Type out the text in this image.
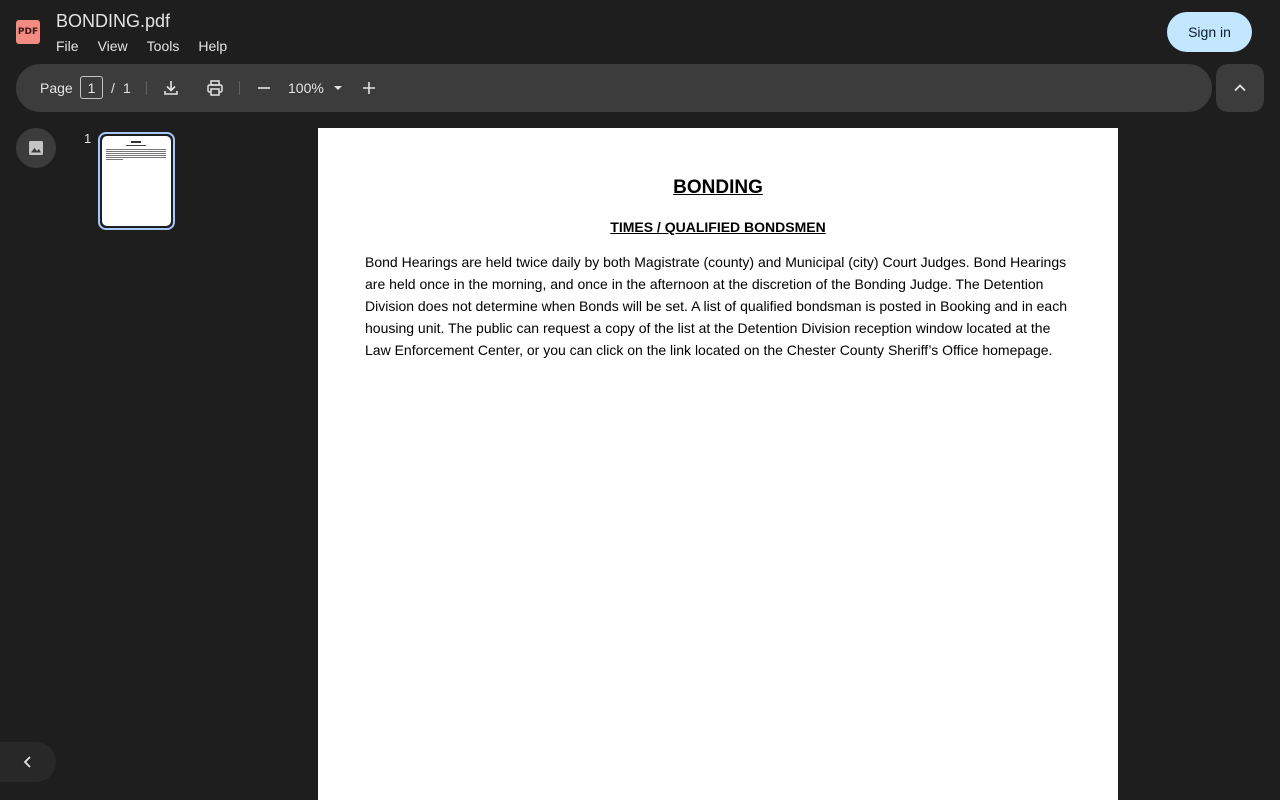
PDF
BONDING.pdf
File View Tools Help
Sign in
Page	1	/ 1	100%
1
BONDING
TIMES / QUALIFIED BONDSMEN

Bond Hearings are held twice daily by both Magistrate (county) and Municipal (city) Court Judges. Bond Hearings are held once in the morning, and once in the afternoon at the discretion of the Bonding Judge. The Detention Division does not determine when Bonds will be set. A list of qualified bondsman is posted in Booking and in each housing unit. The public can request a copy of the list at the Detention Division reception window located at the Law Enforcement Center, or you can click on the link located on the Chester County Sheriff’s Office homepage.
